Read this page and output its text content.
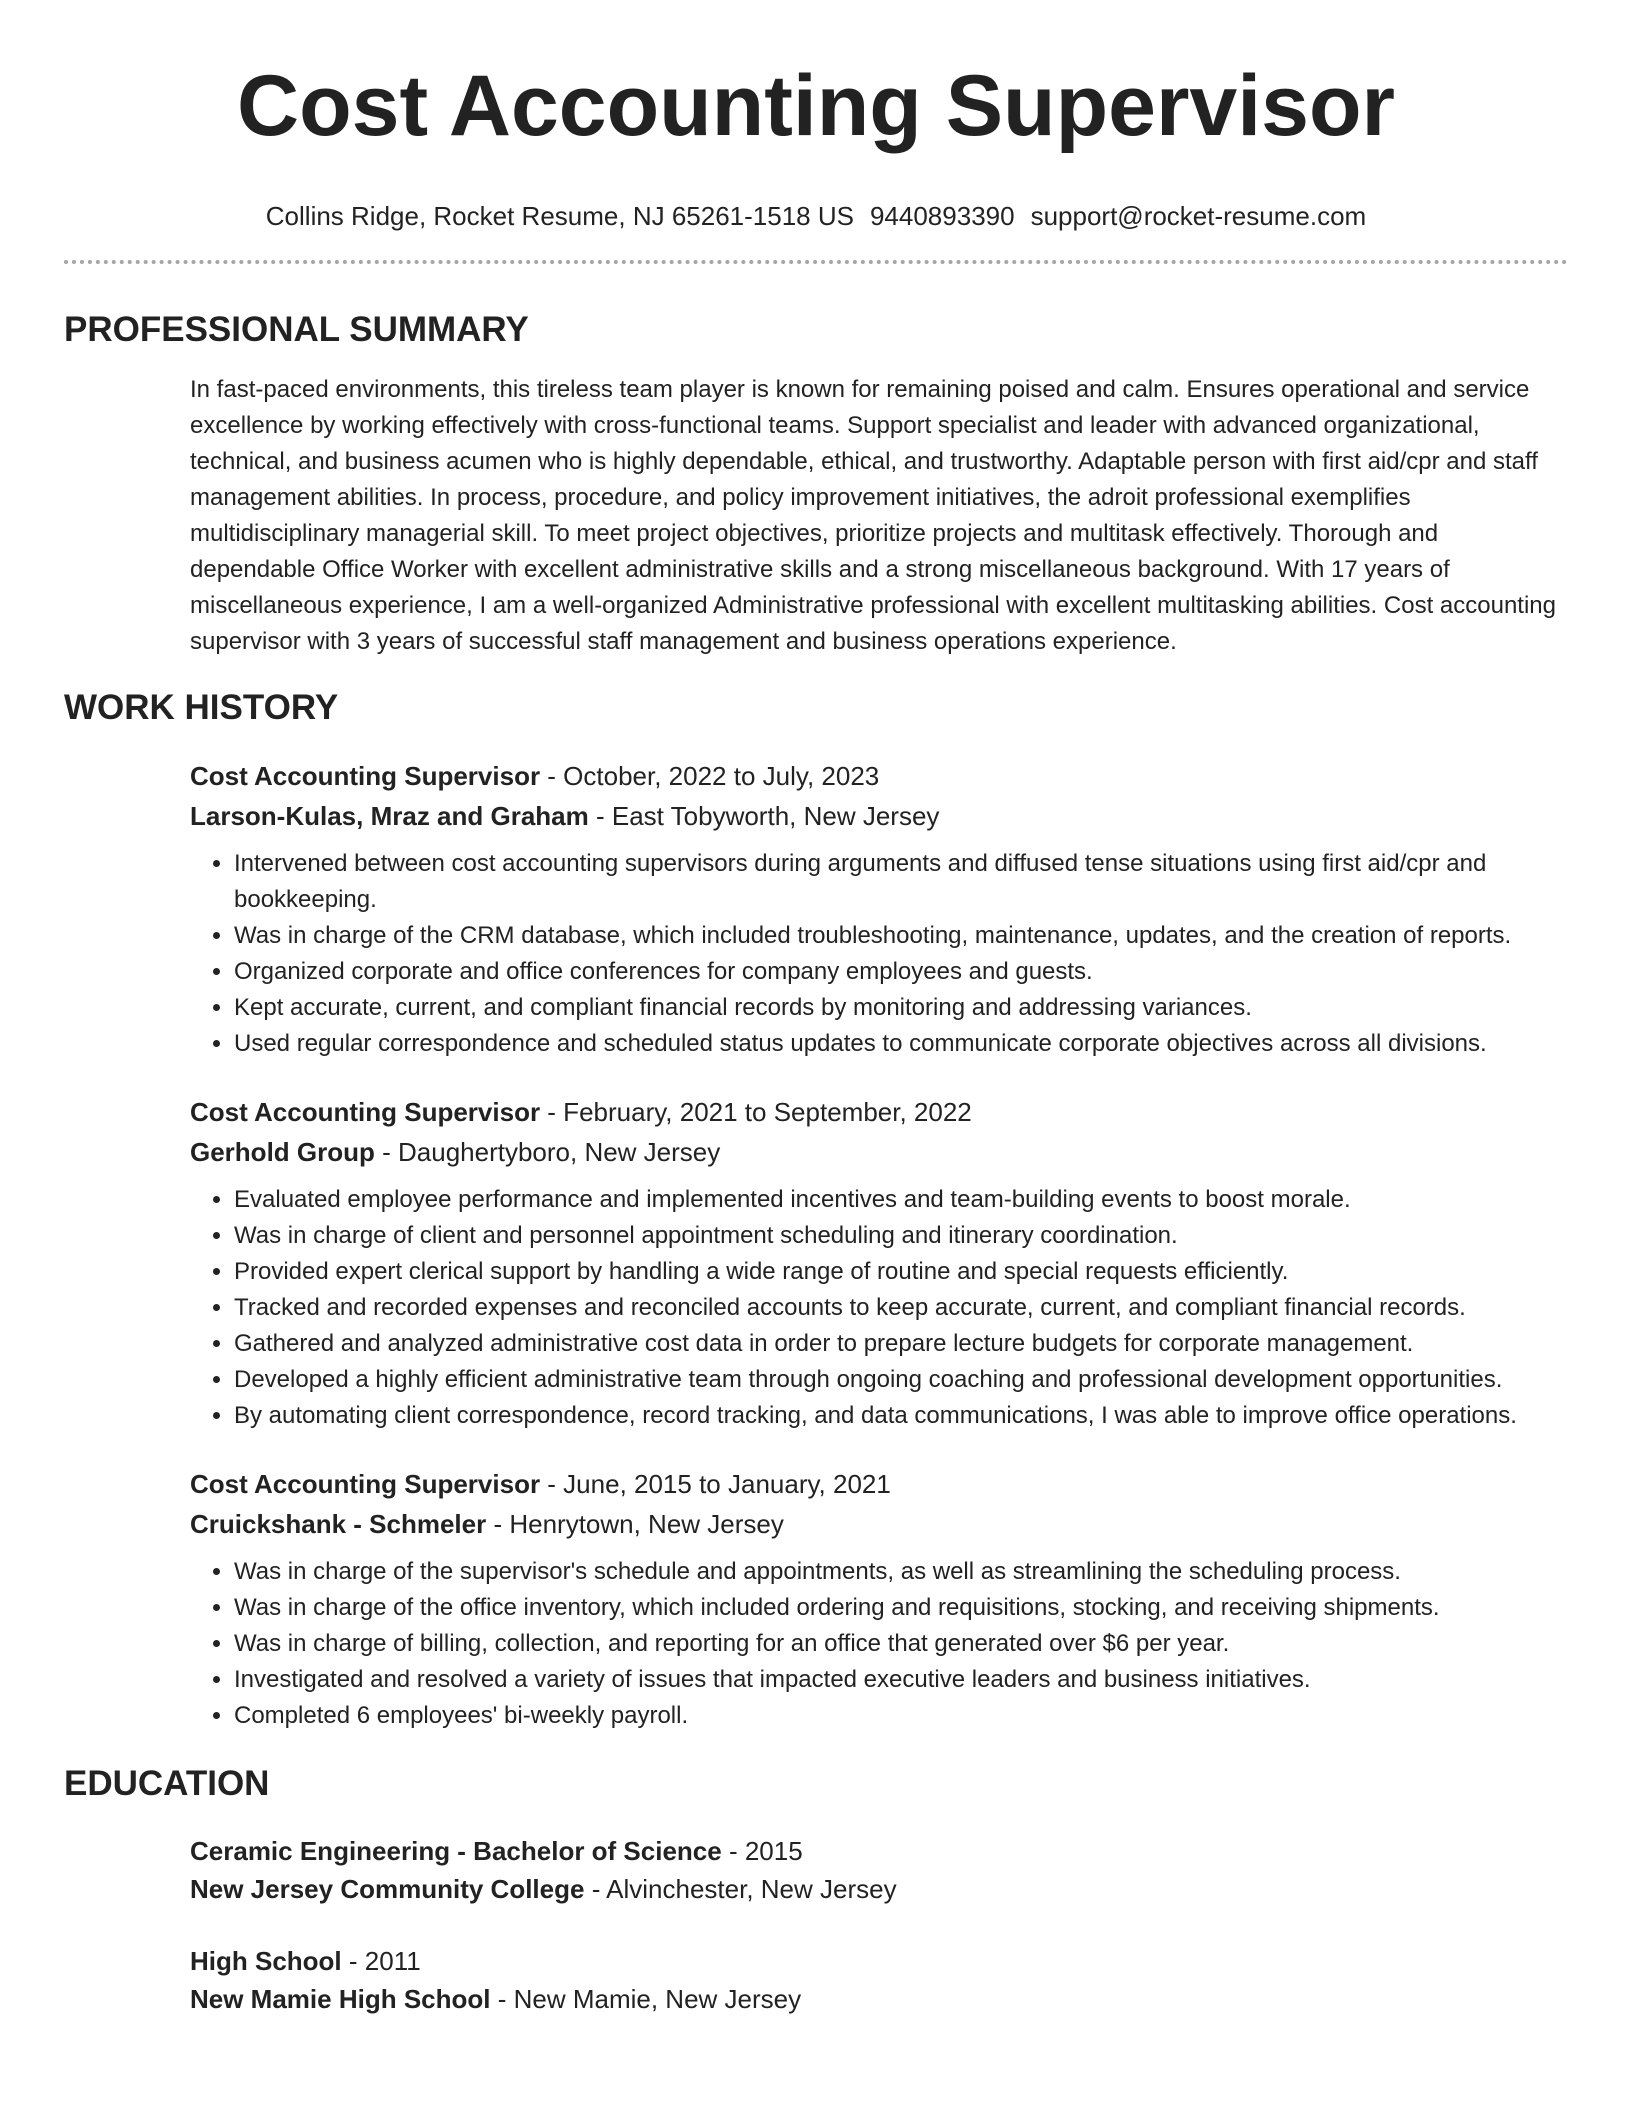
Cost Accounting Supervisor
Collins Ridge, Rocket Resume, NJ 65261-1518 US 9440893390 support@rocket-resume.com
PROFESSIONAL SUMMARY
In fast-paced environments, this tireless team player is known for remaining poised and calm. Ensures operational and service excellence by working effectively with cross-functional teams. Support specialist and leader with advanced organizational, technical, and business acumen who is highly dependable, ethical, and trustworthy. Adaptable person with first aid/cpr and staff management abilities. In process, procedure, and policy improvement initiatives, the adroit professional exemplifies multidisciplinary managerial skill. To meet project objectives, prioritize projects and multitask effectively. Thorough and dependable Office Worker with excellent administrative skills and a strong miscellaneous background. With 17 years of miscellaneous experience, I am a well-organized Administrative professional with excellent multitasking abilities. Cost accounting supervisor with 3 years of successful staff management and business operations experience.
WORK HISTORY
Cost Accounting Supervisor - October, 2022 to July, 2023
Larson-Kulas, Mraz and Graham - East Tobyworth, New Jersey
• Intervened between cost accounting supervisors during arguments and diffused tense situations using first aid/cpr and bookkeeping.
• Was in charge of the CRM database, which included troubleshooting, maintenance, updates, and the creation of reports.
• Organized corporate and office conferences for company employees and guests.
• Kept accurate, current, and compliant financial records by monitoring and addressing variances.
• Used regular correspondence and scheduled status updates to communicate corporate objectives across all divisions.
Cost Accounting Supervisor - February, 2021 to September, 2022
Gerhold Group - Daughertyboro, New Jersey
• Evaluated employee performance and implemented incentives and team-building events to boost morale.
• Was in charge of client and personnel appointment scheduling and itinerary coordination.
• Provided expert clerical support by handling a wide range of routine and special requests efficiently.
• Tracked and recorded expenses and reconciled accounts to keep accurate, current, and compliant financial records.
• Gathered and analyzed administrative cost data in order to prepare lecture budgets for corporate management.
• Developed a highly efficient administrative team through ongoing coaching and professional development opportunities.
• By automating client correspondence, record tracking, and data communications, I was able to improve office operations.
Cost Accounting Supervisor - June, 2015 to January, 2021
Cruickshank - Schmeler - Henrytown, New Jersey
• Was in charge of the supervisor's schedule and appointments, as well as streamlining the scheduling process.
• Was in charge of the office inventory, which included ordering and requisitions, stocking, and receiving shipments.
• Was in charge of billing, collection, and reporting for an office that generated over $6 per year.
• Investigated and resolved a variety of issues that impacted executive leaders and business initiatives.
• Completed 6 employees' bi-weekly payroll.
EDUCATION
Ceramic Engineering - Bachelor of Science - 2015
New Jersey Community College - Alvinchester, New Jersey
High School - 2011
New Mamie High School - New Mamie, New Jersey
